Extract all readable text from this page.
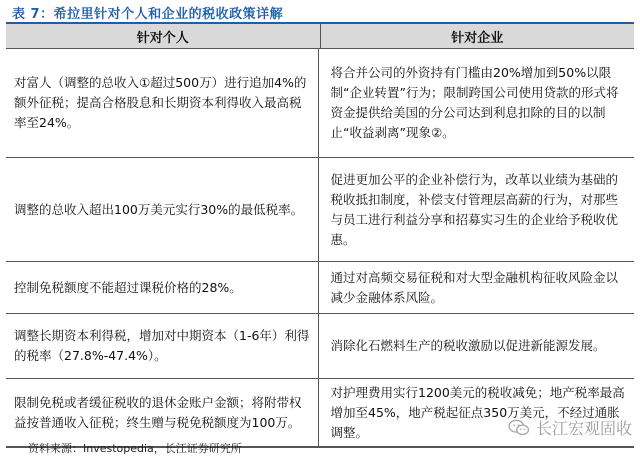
表 7：希拉里针对个人和企业的税收政策详解
针对个人	针对企业
对富人（调整的总收入①超过500万）进行追加4%的额外征税；提高合格股息和长期资本利得收入最高税率至24%。
将合并公司的外资持有门槛由20%增加到50%以限制“企业转置”行为；限制跨国公司使用贷款的形式将资金提供给美国的分公司达到利息扣除的目的以制止“收益剥离”现象②。
调整的总收入超出100万美元实行30%的最低税率。
促进更加公平的企业补偿行为，改革以业绩为基础的税收抵扣制度，补偿支付管理层高薪的行为，对那些与员工进行利益分享和招募实习生的企业给予税收优惠。
控制免税额度不能超过课税价格的28%。
通过对高频交易征税和对大型金融机构征收风险金以减少金融体系风险。
调整长期资本利得税，增加对中期资本（1-6年）利得的税率（27.8%-47.4%）。
消除化石燃料生产的税收激励以促进新能源发展。
限制免税或者缓征税收的退休金账户金额；将附带权益按普通收入征税；终生赠与税免税额度为100万。
对护理费用实行1200美元的税收减免；地产税率最高增加至45%，地产税起征点350万美元，不经过通胀调整。
资料来源：Investopedia，长江证券研究所
长江宏观固收
